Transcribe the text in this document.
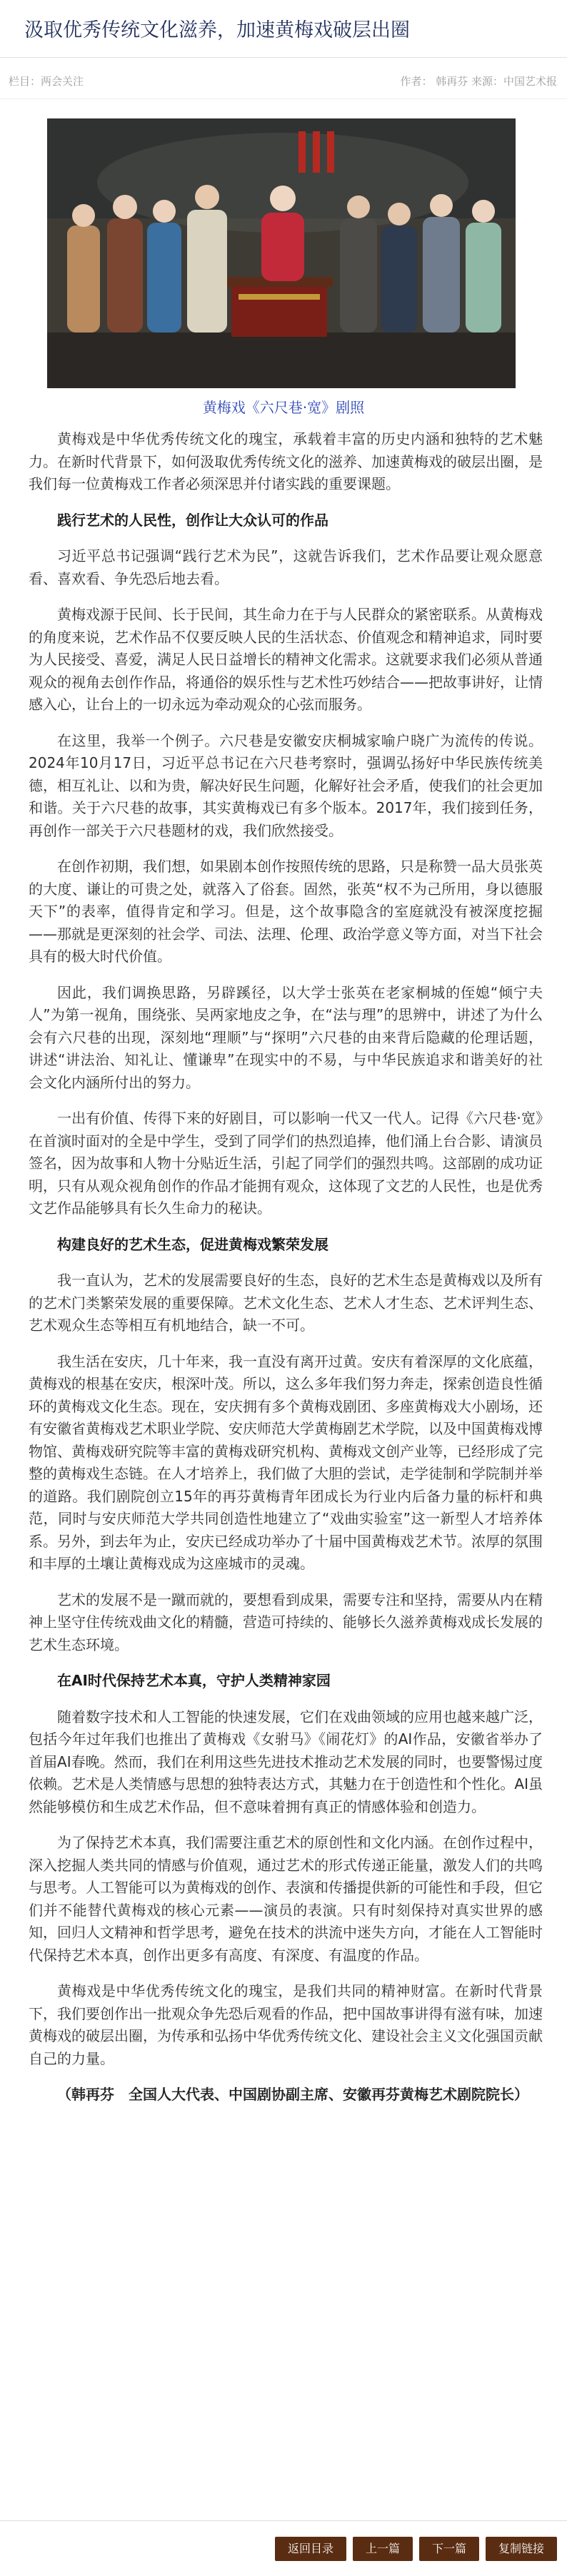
汲取优秀传统文化滋养，加速黄梅戏破层出圈
栏目：两会关注	作者： 韩再芬 来源：中国艺术报
黄梅戏《六尺巷·宽》剧照

黄梅戏是中华优秀传统文化的瑰宝，承载着丰富的历史内涵和独特的艺术魅力。在新时代背景下，如何汲取优秀传统文化的滋养、加速黄梅戏的破层出圈，是我们每一位黄梅戏工作者必须深思并付诸实践的重要课题。

践行艺术的人民性，创作让大众认可的作品

习近平总书记强调“践行艺术为民”，这就告诉我们，艺术作品要让观众愿意看、喜欢看、争先恐后地去看。

黄梅戏源于民间、长于民间，其生命力在于与人民群众的紧密联系。从黄梅戏的角度来说，艺术作品不仅要反映人民的生活状态、价值观念和精神追求，同时要为人民接受、喜爱，满足人民日益增长的精神文化需求。这就要求我们必须从普通观众的视角去创作作品，将通俗的娱乐性与艺术性巧妙结合——把故事讲好，让情感入心，让台上的一切永远为牵动观众的心弦而服务。

在这里，我举一个例子。六尺巷是安徽安庆桐城家喻户晓广为流传的传说。2024年10月17日，习近平总书记在六尺巷考察时，强调弘扬好中华民族传统美德，相互礼让、以和为贵，解决好民生问题，化解好社会矛盾，使我们的社会更加和谐。关于六尺巷的故事，其实黄梅戏已有多个版本。2017年，我们接到任务，再创作一部关于六尺巷题材的戏，我们欣然接受。

在创作初期，我们想，如果剧本创作按照传统的思路，只是称赞一品大员张英的大度、谦让的可贵之处，就落入了俗套。固然，张英“权不为己所用，身以德服天下”的表率，值得肯定和学习。但是，这个故事隐含的室庭就没有被深度挖掘——那就是更深刻的社会学、司法、法理、伦理、政治学意义等方面，对当下社会具有的极大时代价值。

因此，我们调换思路，另辟蹊径，以大学士张英在老家桐城的侄媳“倾宁夫人”为第一视角，围绕张、吴两家地皮之争，在“法与理”的思辨中，讲述了为什么会有六尺巷的出现，深刻地“理顺”与“探明”六尺巷的由来背后隐藏的伦理话题，讲述“讲法治、知礼让、懂谦卑”在现实中的不易，与中华民族追求和谐美好的社会文化内涵所付出的努力。

一出有价值、传得下来的好剧目，可以影响一代又一代人。记得《六尺巷·宽》在首演时面对的全是中学生，受到了同学们的热烈追捧，他们涌上台合影、请演员签名，因为故事和人物十分贴近生活，引起了同学们的强烈共鸣。这部剧的成功证明，只有从观众视角创作的作品才能拥有观众，这体现了文艺的人民性，也是优秀文艺作品能够具有长久生命力的秘诀。

构建良好的艺术生态，促进黄梅戏繁荣发展

我一直认为，艺术的发展需要良好的生态，良好的艺术生态是黄梅戏以及所有的艺术门类繁荣发展的重要保障。艺术文化生态、艺术人才生态、艺术评判生态、艺术观众生态等相互有机地结合，缺一不可。

我生活在安庆，几十年来，我一直没有离开过黄。安庆有着深厚的文化底蕴，黄梅戏的根基在安庆，根深叶茂。所以，这么多年我们努力奔走，探索创造良性循环的黄梅戏文化生态。现在，安庆拥有多个黄梅戏剧团、多座黄梅戏大小剧场，还有安徽省黄梅戏艺术职业学院、安庆师范大学黄梅剧艺术学院，以及中国黄梅戏博物馆、黄梅戏研究院等丰富的黄梅戏研究机构、黄梅戏文创产业等，已经形成了完整的黄梅戏生态链。在人才培养上，我们做了大胆的尝试，走学徒制和学院制并举的道路。我们剧院创立15年的再芬黄梅青年团成长为行业内后备力量的标杆和典范，同时与安庆师范大学共同创造性地建立了“戏曲实验室”这一新型人才培养体系。另外，到去年为止，安庆已经成功举办了十届中国黄梅戏艺术节。浓厚的氛围和丰厚的土壤让黄梅戏成为这座城市的灵魂。

艺术的发展不是一蹴而就的，要想看到成果，需要专注和坚持，需要从内在精神上坚守住传统戏曲文化的精髓，营造可持续的、能够长久滋养黄梅戏成长发展的艺术生态环境。

在AI时代保持艺术本真，守护人类精神家园

随着数字技术和人工智能的快速发展，它们在戏曲领域的应用也越来越广泛，包括今年过年我们也推出了黄梅戏《女驸马》《闹花灯》的AI作品，安徽省举办了首届AI春晚。然而，我们在利用这些先进技术推动艺术发展的同时，也要警惕过度依赖。艺术是人类情感与思想的独特表达方式，其魅力在于创造性和个性化。AI虽然能够模仿和生成艺术作品，但不意味着拥有真正的情感体验和创造力。

为了保持艺术本真，我们需要注重艺术的原创性和文化内涵。在创作过程中，深入挖掘人类共同的情感与价值观，通过艺术的形式传递正能量，激发人们的共鸣与思考。人工智能可以为黄梅戏的创作、表演和传播提供新的可能性和手段，但它们并不能替代黄梅戏的核心元素——演员的表演。只有时刻保持对真实世界的感知，回归人文精神和哲学思考，避免在技术的洪流中迷失方向，才能在人工智能时代保持艺术本真，创作出更多有高度、有深度、有温度的作品。

黄梅戏是中华优秀传统文化的瑰宝，是我们共同的精神财富。在新时代背景下，我们要创作出一批观众争先恐后观看的作品，把中国故事讲得有滋有味，加速黄梅戏的破层出圈，为传承和弘扬中华优秀传统文化、建设社会主义文化强国贡献自己的力量。

（韩再芬　全国人大代表、中国剧协副主席、安徽再芬黄梅艺术剧院院长）

返回目录	上一篇	下一篇	复制链接
